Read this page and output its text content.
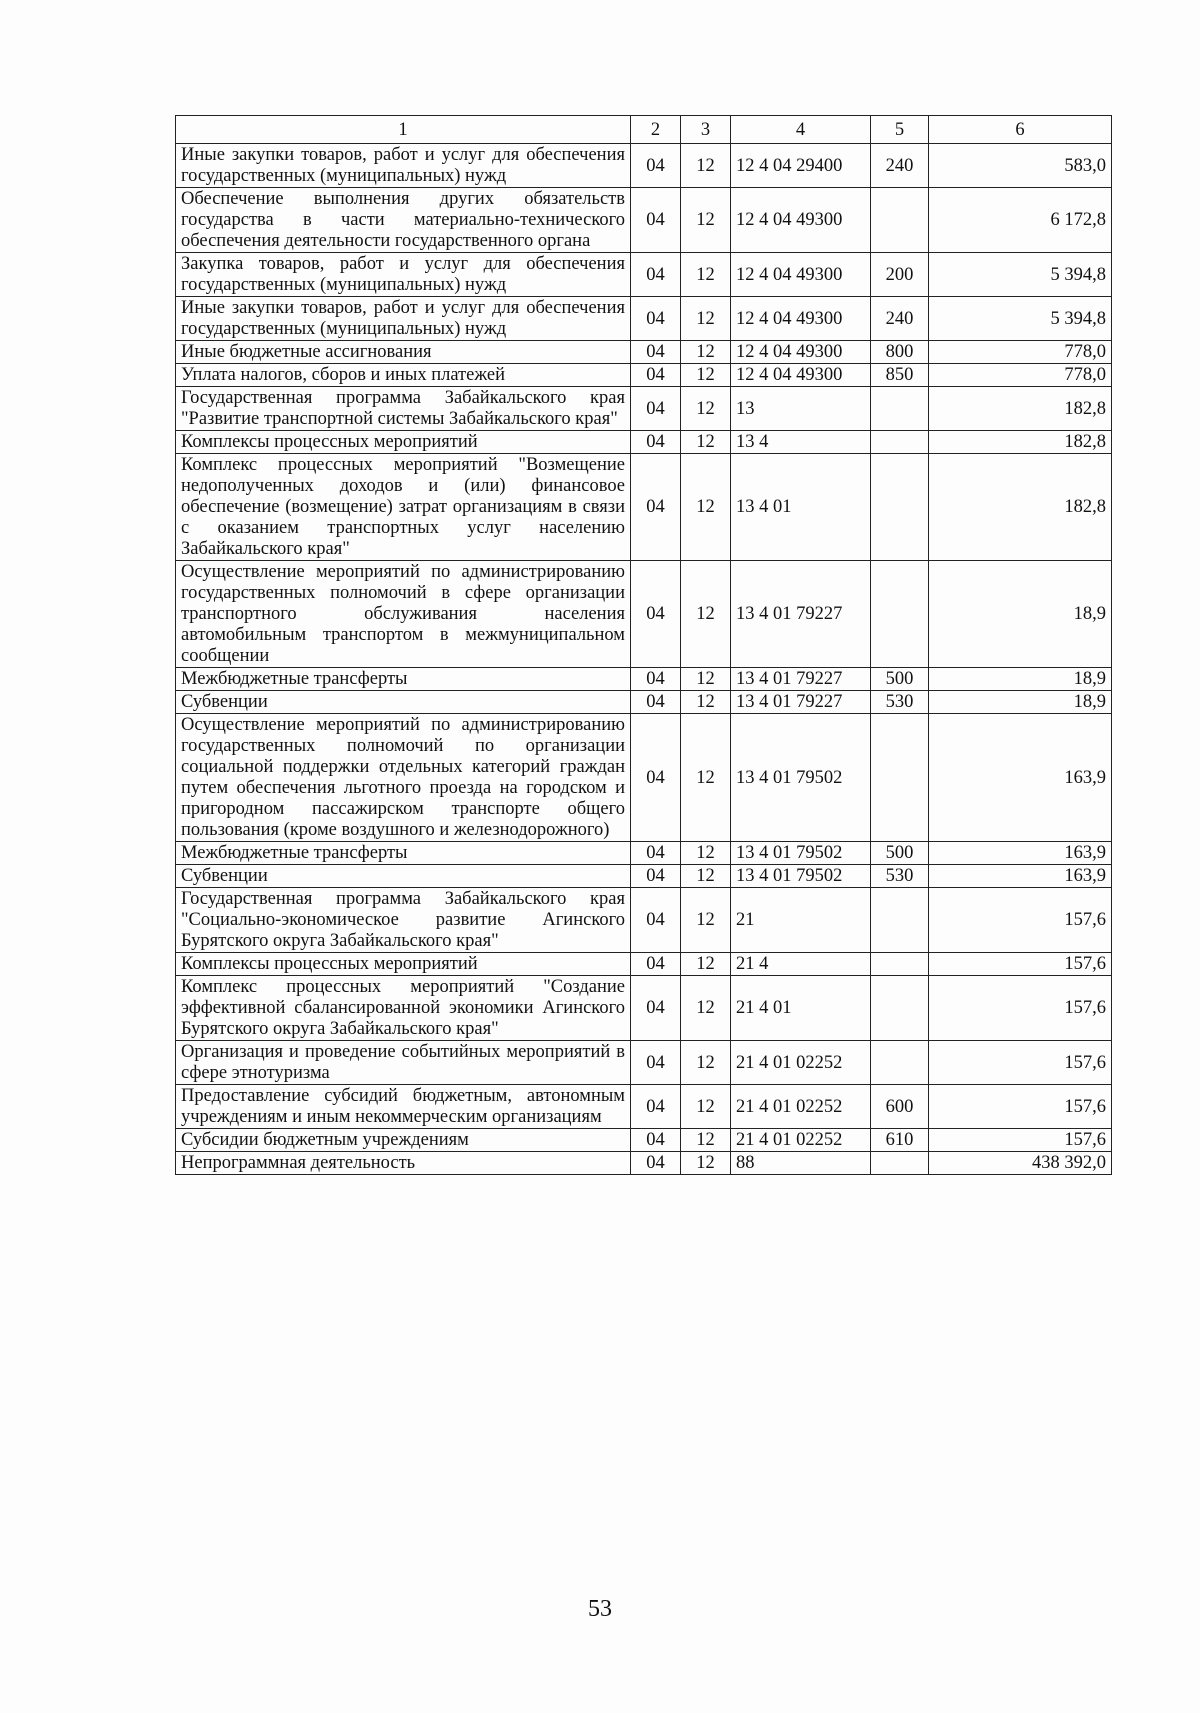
1	2	3	4	5	6
Иные закупки товаров, работ и услуг для обеспечения государственных (муниципальных) нужд	04	12	12 4 04 29400	240	583,0
Обеспечение выполнения других обязательств государства в части материально-технического обеспечения деятельности государственного органа	04	12	12 4 04 49300		6 172,8
Закупка товаров, работ и услуг для обеспечения государственных (муниципальных) нужд	04	12	12 4 04 49300	200	5 394,8
Иные закупки товаров, работ и услуг для обеспечения государственных (муниципальных) нужд	04	12	12 4 04 49300	240	5 394,8
Иные бюджетные ассигнования	04	12	12 4 04 49300	800	778,0
Уплата налогов, сборов и иных платежей	04	12	12 4 04 49300	850	778,0
Государственная программа Забайкальского края "Развитие транспортной системы Забайкальского края"	04	12	13		182,8
Комплексы процессных мероприятий	04	12	13 4		182,8
Комплекс процессных мероприятий "Возмещение недополученных доходов и (или) финансовое обеспечение (возмещение) затрат организациям в связи с оказанием транспортных услуг населению Забайкальского края"	04	12	13 4 01		182,8
Осуществление мероприятий по администрированию государственных полномочий в сфере организации транспортного обслуживания населения автомобильным транспортом в межмуниципальном сообщении	04	12	13 4 01 79227		18,9
Межбюджетные трансферты	04	12	13 4 01 79227	500	18,9
Субвенции	04	12	13 4 01 79227	530	18,9
Осуществление мероприятий по администрированию государственных полномочий по организации социальной поддержки отдельных категорий граждан путем обеспечения льготного проезда на городском и пригородном пассажирском транспорте общего пользования (кроме воздушного и железнодорожного)	04	12	13 4 01 79502		163,9
Межбюджетные трансферты	04	12	13 4 01 79502	500	163,9
Субвенции	04	12	13 4 01 79502	530	163,9
Государственная программа Забайкальского края "Социально-экономическое развитие Агинского Бурятского округа Забайкальского края"	04	12	21		157,6
Комплексы процессных мероприятий	04	12	21 4		157,6
Комплекс процессных мероприятий "Создание эффективной сбалансированной экономики Агинского Бурятского округа Забайкальского края"	04	12	21 4 01		157,6
Организация и проведение событийных мероприятий в сфере этнотуризма	04	12	21 4 01 02252		157,6
Предоставление субсидий бюджетным, автономным учреждениям и иным некоммерческим организациям	04	12	21 4 01 02252	600	157,6
Субсидии бюджетным учреждениям	04	12	21 4 01 02252	610	157,6
Непрограммная деятельность	04	12	88		438 392,0
53
